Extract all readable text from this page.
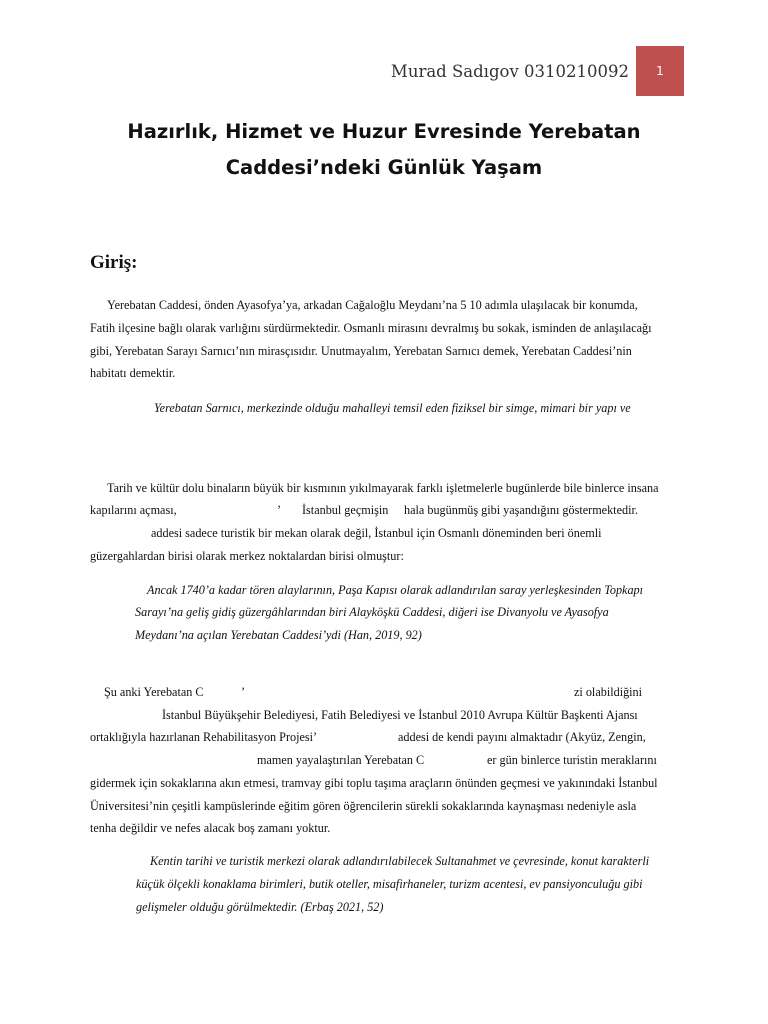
Murad Sadıgov 0310210092	1
Hazırlık, Hizmet ve Huzur Evresinde Yerebatan
Caddesi’ndeki Günlük Yaşam
Giriş:
Yerebatan Caddesi, önden Ayasofya’ya, arkadan Cağaloğlu Meydanı’na 5 10 adımla ulaşılacak bir konumda,
Fatih ilçesine bağlı olarak varlığını sürdürmektedir. Osmanlı mirasını devralmış bu sokak, isminden de anlaşılacağı
gibi, Yerebatan Sarayı Sarnıcı’nın mirasçısıdır. Unutmayalım, Yerebatan Sarnıcı demek, Yerebatan Caddesi’nin
habitatı demektir.
Yerebatan Sarnıcı, merkezinde olduğu mahalleyi temsil eden fiziksel bir simge, mimari bir yapı ve
Tarih ve kültür dolu binaların büyük bir kısmının yıkılmayarak farklı işletmelerle bugünlerde bile binlerce insana
kapılarını açması,	’ İstanbul geçmişin hala bugünmüş gibi yaşandığını göstermektedir.
addesi sadece turistik bir mekan olarak değil, İstanbul için Osmanlı döneminden beri önemli
güzergahlardan birisi olarak merkez noktalardan birisi olmuştur:
Ancak 1740’a kadar tören alaylarının, Paşa Kapısı olarak adlandırılan saray yerleşkesinden Topkapı
Sarayı’na geliş gidiş güzergâhlarından biri Alayköşkü Caddesi, diğeri ise Divanyolu ve Ayasofya
Meydanı’na açılan Yerebatan Caddesi’ydi (Han, 2019, 92)
Şu anki Yerebatan C	’	zi olabildiğini
İstanbul Büyükşehir Belediyesi, Fatih Belediyesi ve İstanbul 2010 Avrupa Kültür Başkenti Ajansı
ortaklığıyla hazırlanan Rehabilitasyon Projesi’	addesi de kendi payını almaktadır (Akyüz, Zengin,
mamen yayalaştırılan Yerebatan C	er gün binlerce turistin meraklarını
gidermek için sokaklarına akın etmesi, tramvay gibi toplu taşıma araçların önünden geçmesi ve yakınındaki İstanbul
Üniversitesi’nin çeşitli kampüslerinde eğitim gören öğrencilerin sürekli sokaklarında kaynaşması nedeniyle asla
tenha değildir ve nefes alacak boş zamanı yoktur.
Kentin tarihi ve turistik merkezi olarak adlandırılabilecek Sultanahmet ve çevresinde, konut karakterli
küçük ölçekli konaklama birimleri, butik oteller, misafirhaneler, turizm acentesi, ev pansiyonculuğu gibi
gelişmeler olduğu görülmektedir. (Erbaş 2021, 52)
